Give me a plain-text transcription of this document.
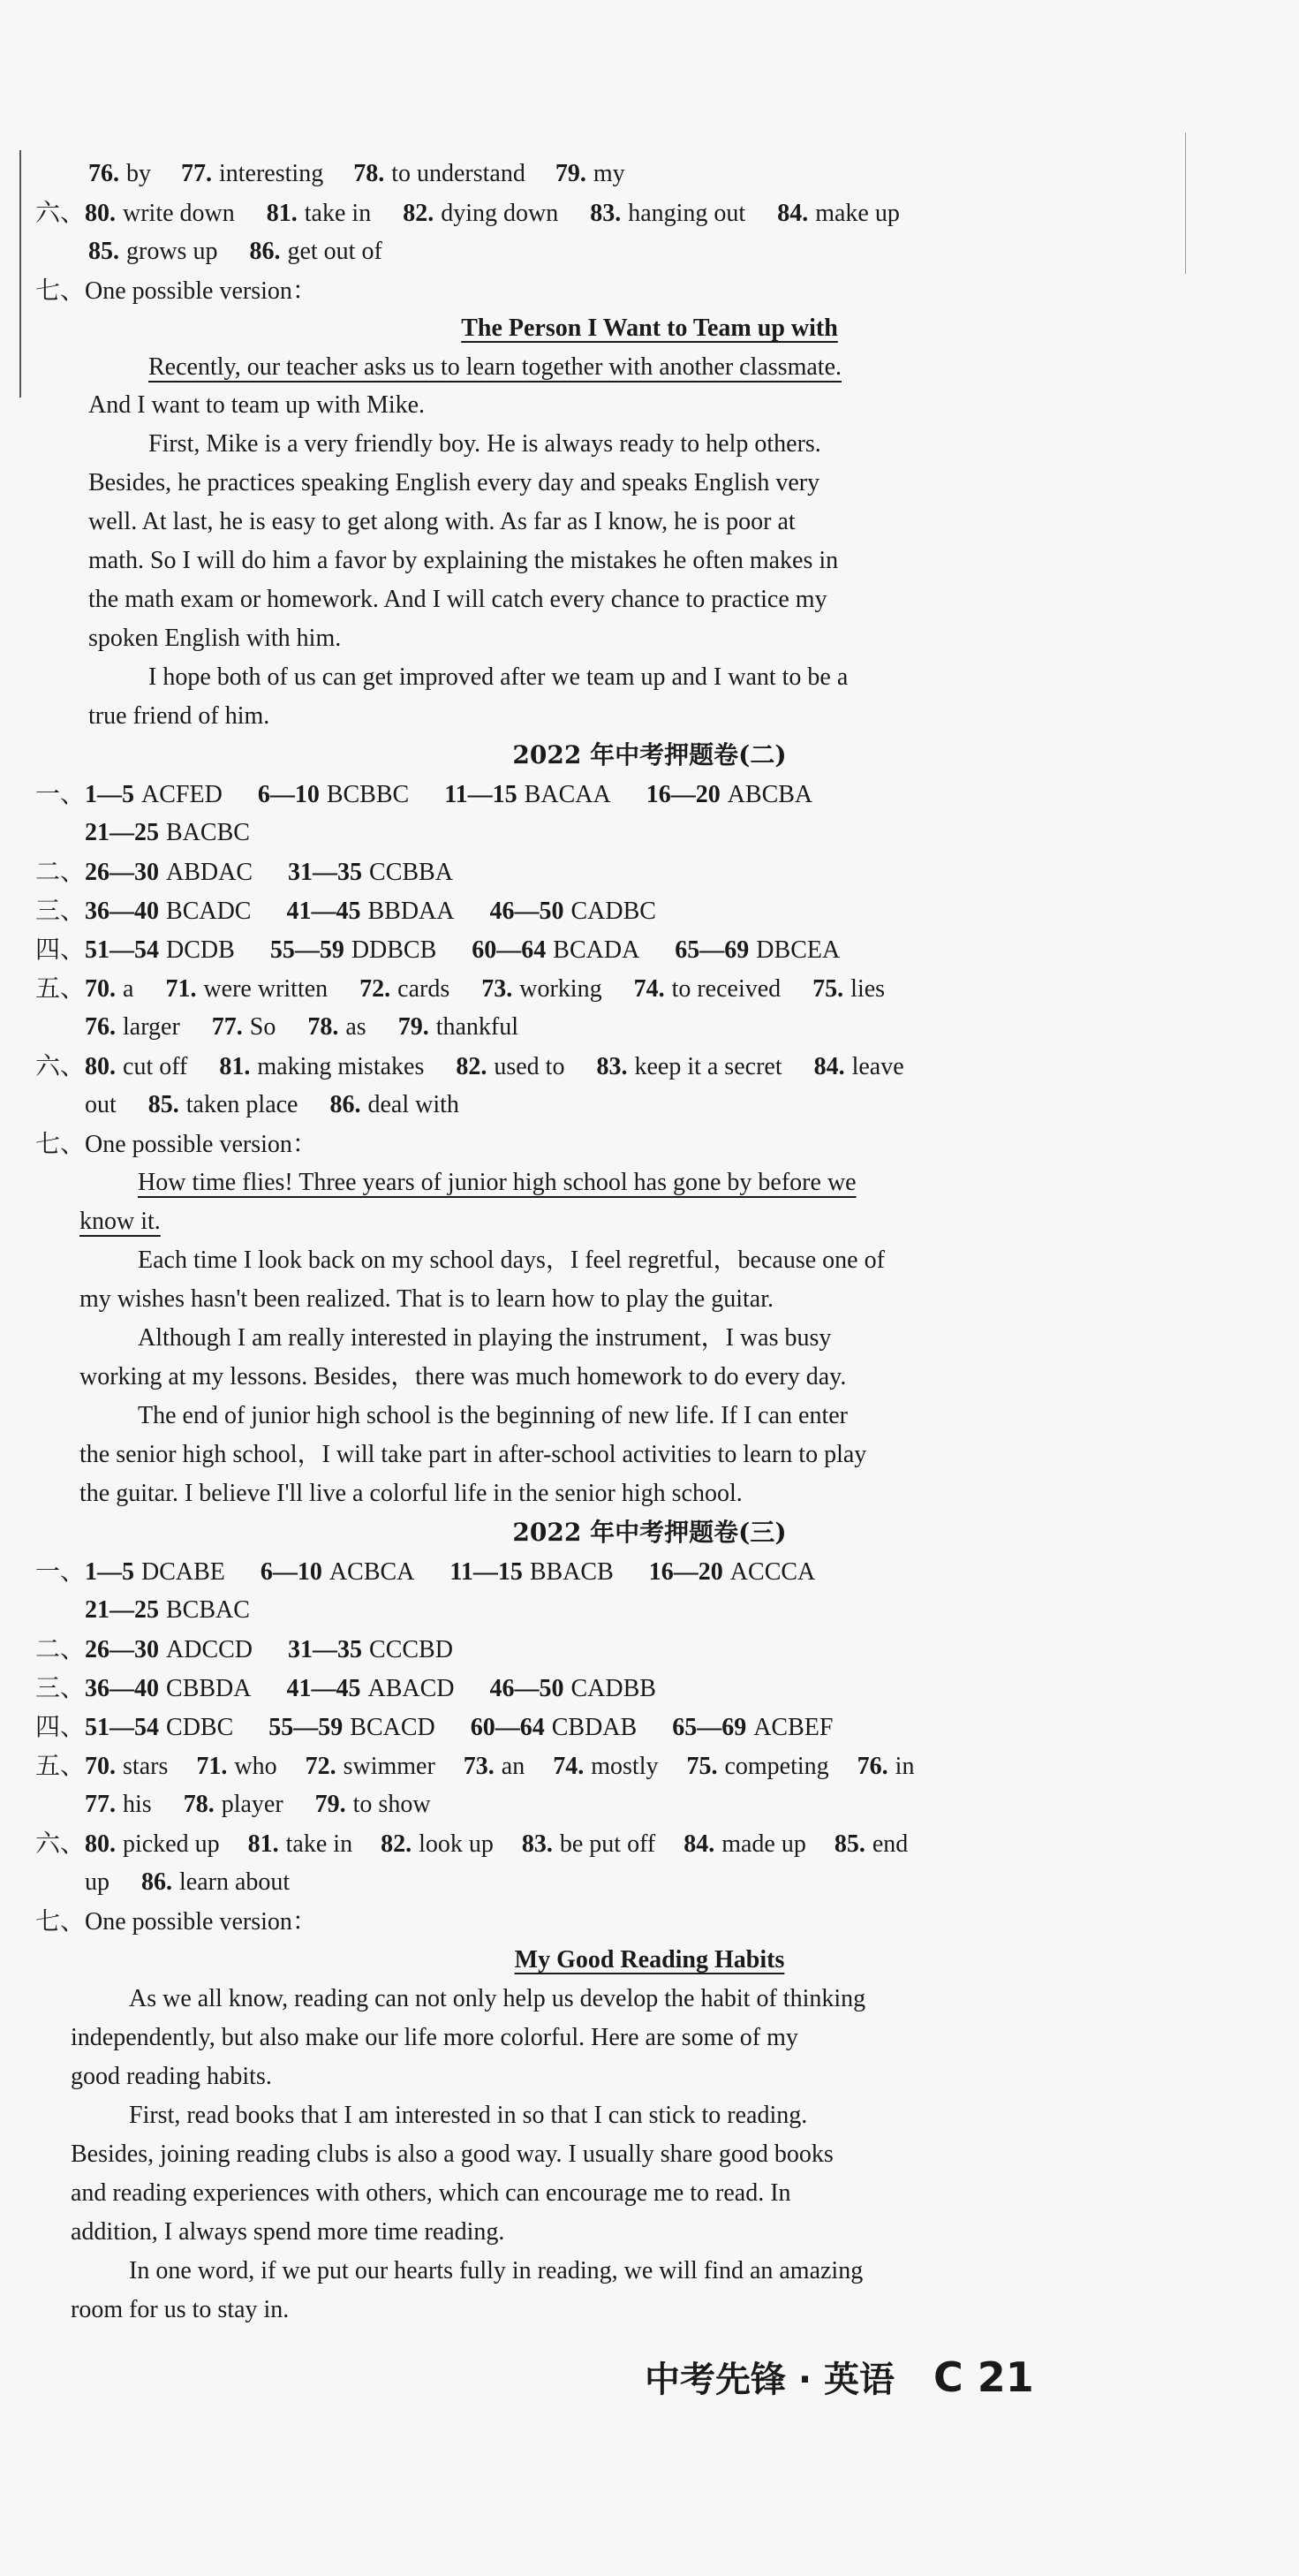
76. by 77. interesting 78. to understand 79. my
六、80. write down 81. take in 82. dying down 83. hanging out 84. make up
85. grows up 86. get out of
七、One possible version：
The Person I Want to Team up with
Recently, our teacher asks us to learn together with another classmate.
And I want to team up with Mike.
First, Mike is a very friendly boy. He is always ready to help others.
Besides, he practices speaking English every day and speaks English very
well. At last, he is easy to get along with. As far as I know, he is poor at
math. So I will do him a favor by explaining the mistakes he often makes in
the math exam or homework. And I will catch every chance to practice my
spoken English with him.
I hope both of us can get improved after we team up and I want to be a
true friend of him.
2022 年中考押题卷(二)
一、1—5 ACFED 6—10 BCBBC 11—15 BACAA 16—20 ABCBA
21—25 BACBC
二、26—30 ABDAC 31—35 CCBBA
三、36—40 BCADC 41—45 BBDAA 46—50 CADBC
四、51—54 DCDB 55—59 DDBCB 60—64 BCADA 65—69 DBCEA
五、70. a 71. were written 72. cards 73. working 74. to received 75. lies
76. larger 77. So 78. as 79. thankful
六、80. cut off 81. making mistakes 82. used to 83. keep it a secret 84. leave
out 85. taken place 86. deal with
七、One possible version：
How time flies! Three years of junior high school has gone by before we
know it.
Each time I look back on my school days，I feel regretful，because one of
my wishes hasn't been realized. That is to learn how to play the guitar.
Although I am really interested in playing the instrument，I was busy
working at my lessons. Besides，there was much homework to do every day.
The end of junior high school is the beginning of new life. If I can enter
the senior high school，I will take part in after-school activities to learn to play
the guitar. I believe I'll live a colorful life in the senior high school.
2022 年中考押题卷(三)
一、1—5 DCABE 6—10 ACBCA 11—15 BBACB 16—20 ACCCA
21—25 BCBAC
二、26—30 ADCCD 31—35 CCCBD
三、36—40 CBBDA 41—45 ABACD 46—50 CADBB
四、51—54 CDBC 55—59 BCACD 60—64 CBDAB 65—69 ACBEF
五、70. stars 71. who 72. swimmer 73. an 74. mostly 75. competing 76. in
77. his 78. player 79. to show
六、80. picked up 81. take in 82. look up 83. be put off 84. made up 85. end
up 86. learn about
七、One possible version：
My Good Reading Habits
As we all know, reading can not only help us develop the habit of thinking
independently, but also make our life more colorful. Here are some of my
good reading habits.
First, read books that I am interested in so that I can stick to reading.
Besides, joining reading clubs is also a good way. I usually share good books
and reading experiences with others, which can encourage me to read. In
addition, I always spend more time reading.
In one word, if we put our hearts fully in reading, we will find an amazing
room for us to stay in.
中考先锋 · 英语 C 21
